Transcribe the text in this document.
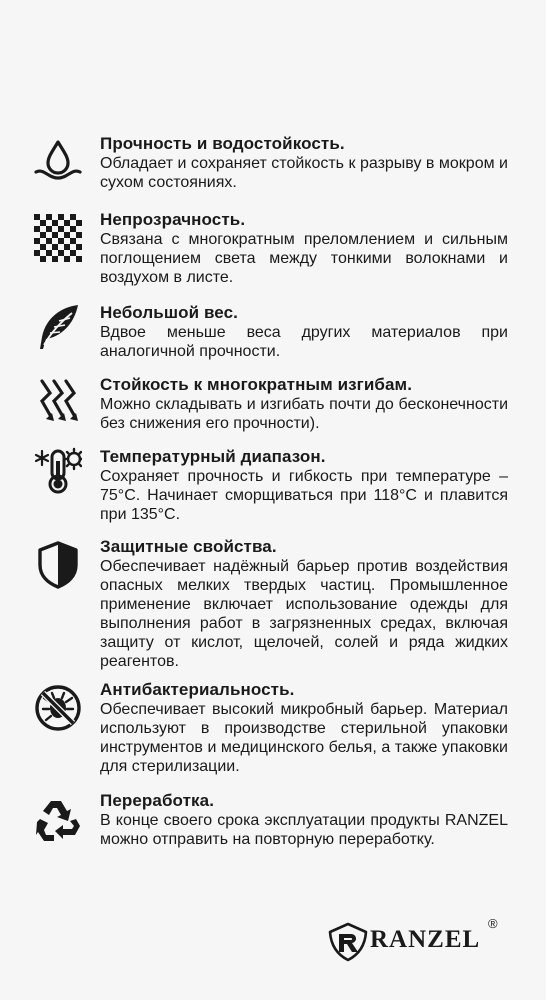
Прочность и водостойкость.
Обладает и сохраняет стойкость к разрыву в мокром и сухом состояниях.
Непрозрачность.
Связана с многократным преломлением и сильным поглощением света между тонкими волокнами и воздухом в листе.
Небольшой вес.
Вдвое меньше веса других материалов при аналогичной прочности.
Стойкость к многократным изгибам.
Можно складывать и изгибать почти до бесконечности без снижения его прочности).
Температурный диапазон.
Сохраняет прочность и гибкость при температуре –75°С. Начинает сморщиваться при 118°С и плавится при 135°С.
Защитные свойства.
Обеспечивает надёжный барьер против воздействия опасных мелких твердых частиц. Промышленное применение включает использование одежды для выполнения работ в загрязненных средах, включая защиту от кислот, щелочей, солей и ряда жидких реагентов.
Антибактериальность.
Обеспечивает высокий микробный барьер. Материал используют в производстве стерильной упаковки инструментов и медицинского белья, а также упаковки для стерилизации.
Переработка.
В конце своего срока эксплуатации продукты RANZEL можно отправить на повторную переработку.
RANZEL
®
